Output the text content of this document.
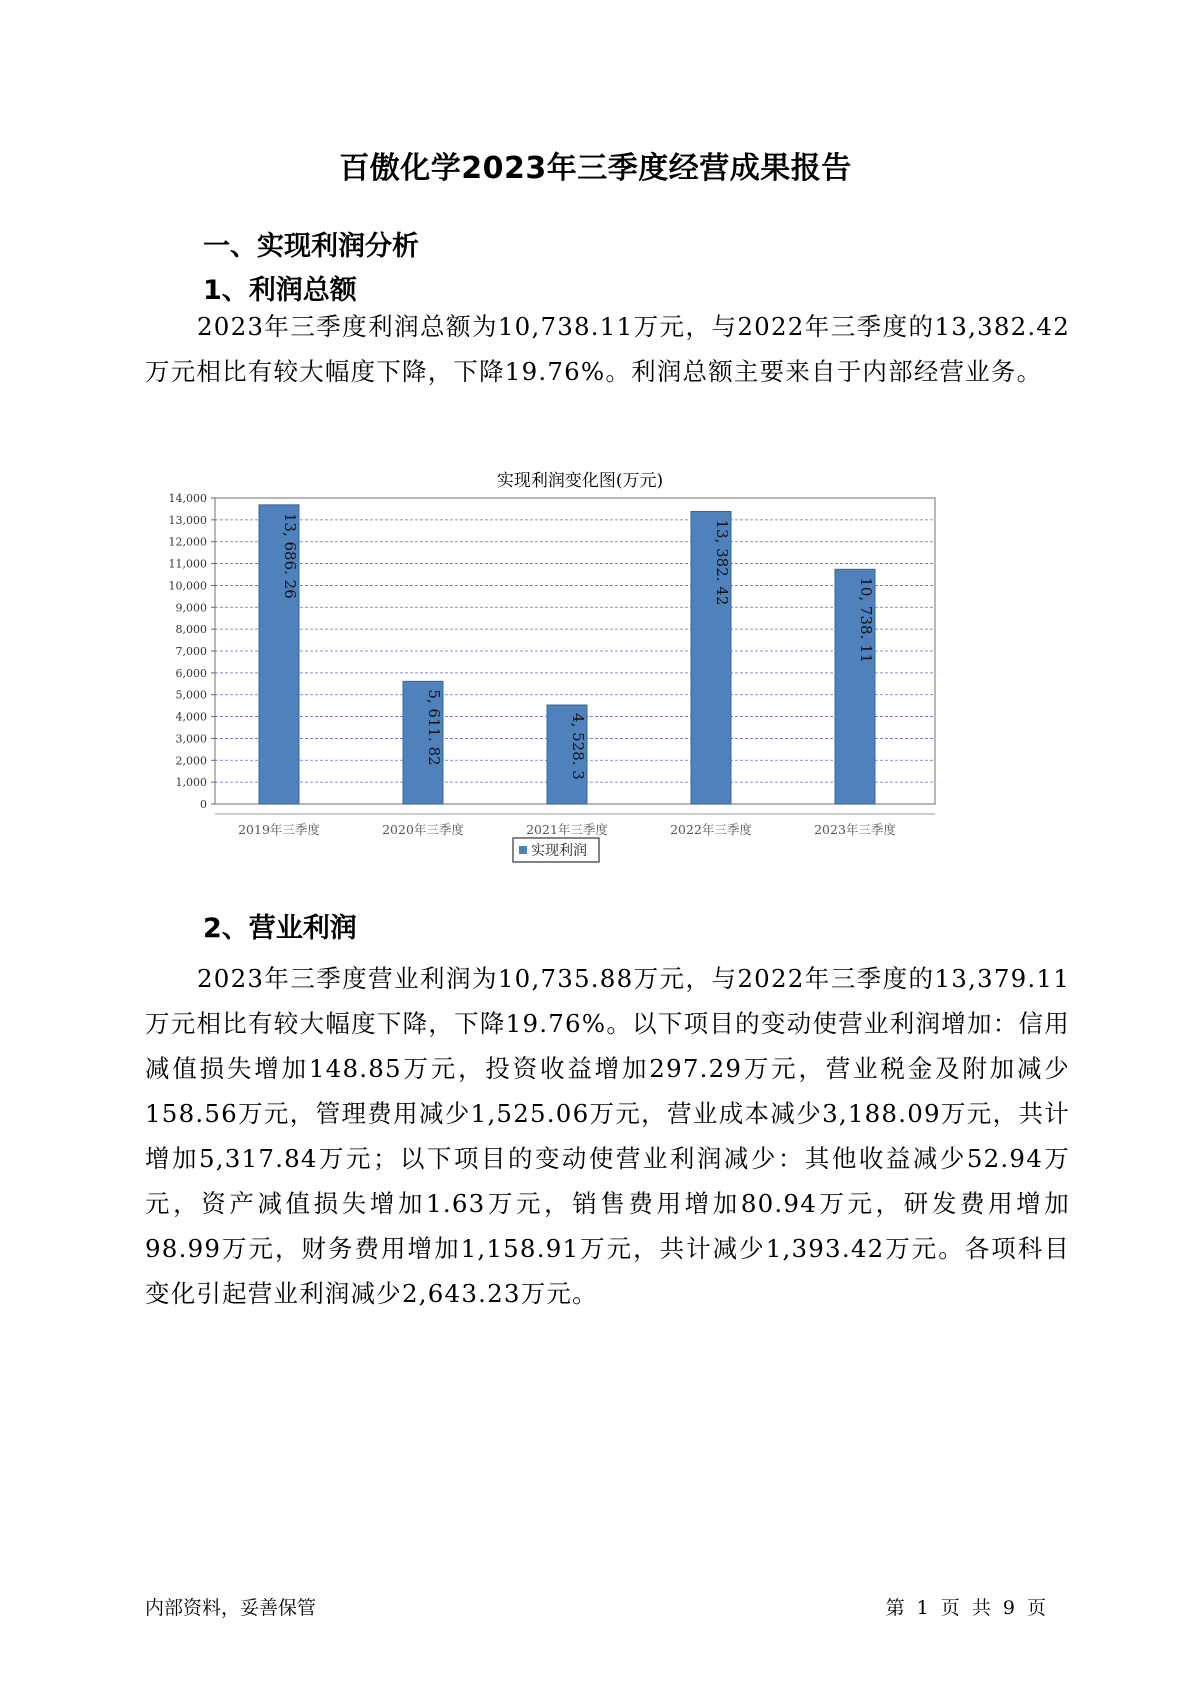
百傲化学2023年三季度经营成果报告
一、实现利润分析
1、利润总额
2023年三季度利润总额为10,738.11万元，与2022年三季度的13,382.42万元相比有较大幅度下降，下降19.76%。利润总额主要来自于内部经营业务。
实现利润变化图(万元)
13, 686. 26
5, 611. 82	4, 528. 3
13, 382. 42
10, 738. 11
0
1,000
2,000
3,000
4,000
5,000
6,000
7,000
8,000
9,000
10,000
11,000
12,000
13,000
14,000
2019年三季度	2020年三季度	2021年三季度	2022年三季度	2023年三季度
实现利润
2、营业利润
2023年三季度营业利润为10,735.88万元，与2022年三季度的13,379.11万元相比有较大幅度下降，下降19.76%。以下项目的变动使营业利润增加：信用减值损失增加148.85万元，投资收益增加297.29万元，营业税金及附加减少158.56万元，管理费用减少1,525.06万元，营业成本减少3,188.09万元，共计增加5,317.84万元；以下项目的变动使营业利润减少：其他收益减少52.94万元，资产减值损失增加1.63万元，销售费用增加80.94万元，研发费用增加98.99万元，财务费用增加1,158.91万元，共计减少1,393.42万元。各项科目变化引起营业利润减少2,643.23万元。
内部资料，妥善保管	第 1 页 共 9 页
